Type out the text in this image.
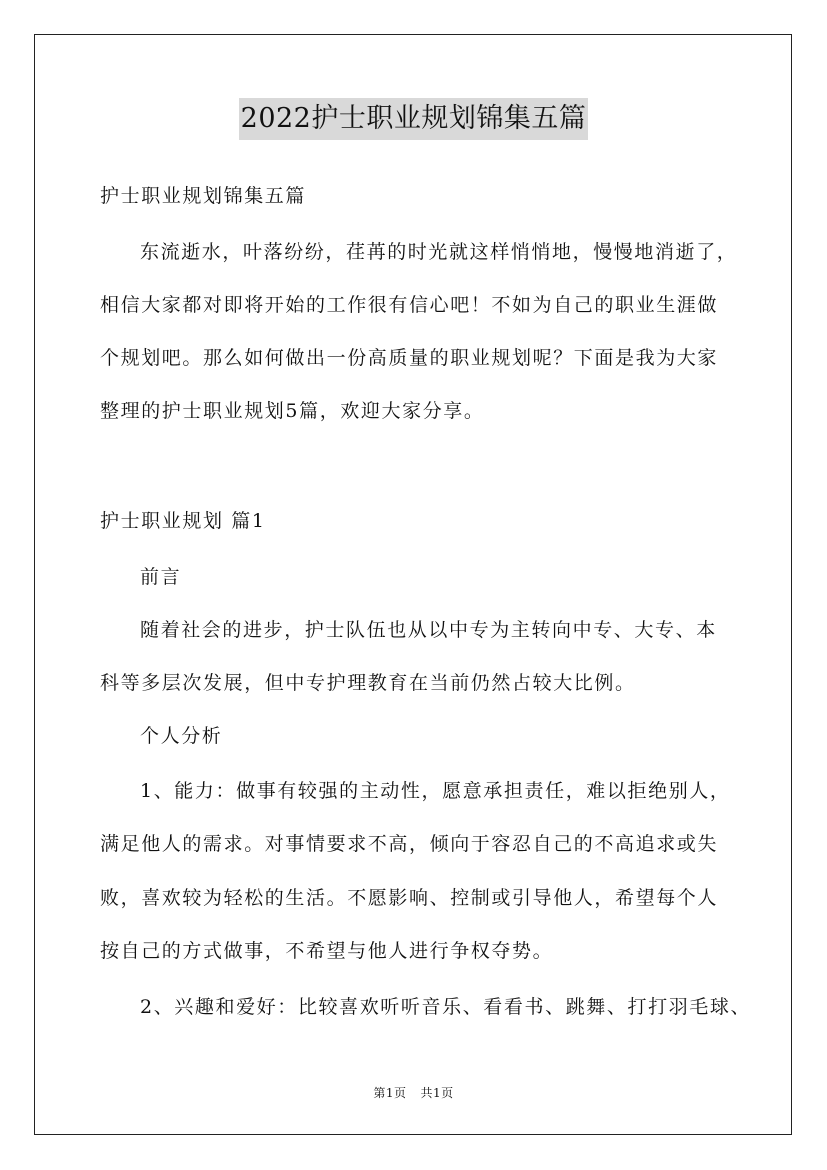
2022护士职业规划锦集五篇
护士职业规划锦集五篇
东流逝水，叶落纷纷，荏苒的时光就这样悄悄地，慢慢地消逝了，
相信大家都对即将开始的工作很有信心吧！不如为自己的职业生涯做
个规划吧。那么如何做出一份高质量的职业规划呢？下面是我为大家
整理的护士职业规划5篇，欢迎大家分享。
护士职业规划 篇1
前言
随着社会的进步，护士队伍也从以中专为主转向中专、大专、本
科等多层次发展，但中专护理教育在当前仍然占较大比例。
个人分析
1、能力：做事有较强的主动性，愿意承担责任，难以拒绝别人，
满足他人的需求。对事情要求不高，倾向于容忍自己的不高追求或失
败，喜欢较为轻松的生活。不愿影响、控制或引导他人，希望每个人
按自己的方式做事，不希望与他人进行争权夺势。
2、兴趣和爱好：比较喜欢听听音乐、看看书、跳舞、打打羽毛球、
第1页 共1页
